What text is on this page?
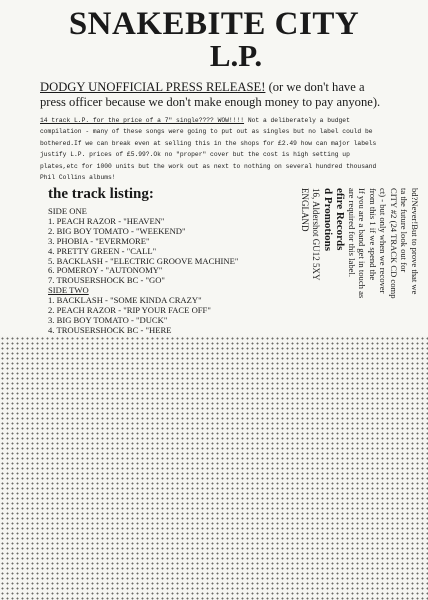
SNAKEBITE CITY
L.P.

DODGY UNOFFICIAL PRESS RELEASE! (or we don't have a press officer because we don't make enough money to pay anyone).

14 track L.P. for the price of a 7" single???? WOW!!!! Not a deliberately a budget compilation - many of these songs were going to put out as singles but no label could be bothered.If we can break even at selling this in the shops for £2.49 how can major labels justify L.P. prices of £5.99?.Ok no "proper" cover but the cost is high setting up plates,etc for 1000 units but the work out as next to nothing on several hundred thousand Phil Collins albums!

the track listing:
SIDE ONE
1. PEACH RAZOR - "HEAVEN"
2. BIG BOY TOMATO - "WEEKEND"
3. PHOBIA - "EVERMORE"
4. PRETTY GREEN - "CALL"
5. BACKLASH - "ELECTRIC GROOVE MACHINE"
6. POMEROY - "AUTONOMY"
7. TROUSERSHOCK BC - "GO"
SIDE TWO
1. BACKLASH - "SOME KINDA CRAZY"
2. PEACH RAZOR - "RIP YOUR FACE OFF"
3. BIG BOY TOMATO - "DUCK"
4. TROUSERSHOCK BC - "HERE
bd?Never!But to prove that we
ta the future look out for
CITY #2 (24 TRACK CD comp
ct) - but only when we recover
from this 1 if we spend the
If you are a band get in touch as
are required for this label.
efire Records
d Promotions
16, Aldershot GU12 5XY
ENGLAND
